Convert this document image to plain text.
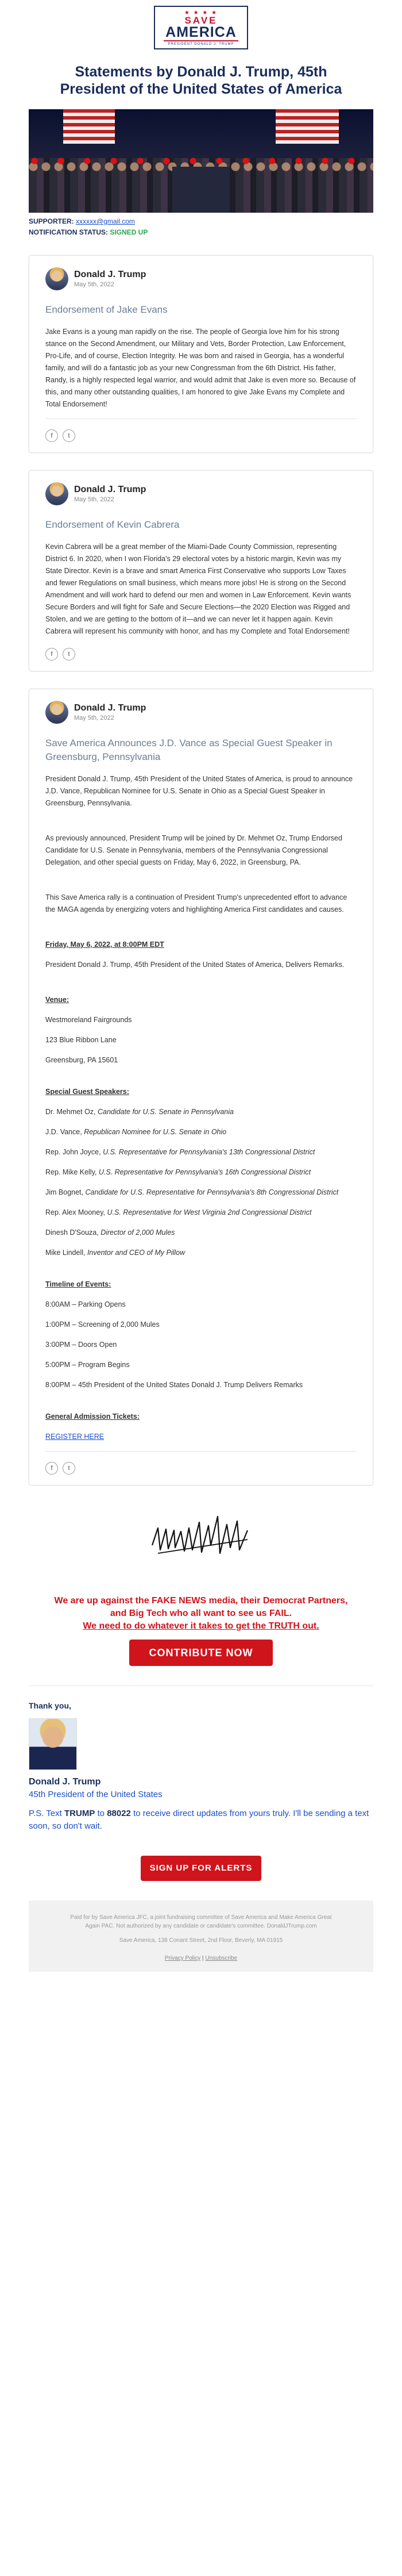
★ ★ ★ ★
SAVE
AMERICA
PRESIDENT DONALD J. TRUMP
Statements by Donald J. Trump, 45th President of the United States of America
SUPPORTER: xxxxxx@gmail.com
NOTIFICATION STATUS: SIGNED UP
Donald J. Trump
May 5th, 2022
Endorsement of Jake Evans

Jake Evans is a young man rapidly on the rise. The people of Georgia love him for his strong stance on the Second Amendment, our Military and Vets, Border Protection, Law Enforcement, Pro-Life, and of course, Election Integrity. He was born and raised in Georgia, has a wonderful family, and will do a fantastic job as your new Congressman from the 6th District. His father, Randy, is a highly respected legal warrior, and would admit that Jake is even more so. Because of this, and many other outstanding qualities, I am honored to give Jake Evans my Complete and Total Endorsement!

f	t
Donald J. Trump
May 5th, 2022
Endorsement of Kevin Cabrera

Kevin Cabrera will be a great member of the Miami-Dade County Commission, representing District 6. In 2020, when I won Florida's 29 electoral votes by a historic margin, Kevin was my State Director. Kevin is a brave and smart America First Conservative who supports Low Taxes and fewer Regulations on small business, which means more jobs! He is strong on the Second Amendment and will work hard to defend our men and women in Law Enforcement. Kevin wants Secure Borders and will fight for Safe and Secure Elections—the 2020 Election was Rigged and Stolen, and we are getting to the bottom of it—and we can never let it happen again. Kevin Cabrera will represent his community with honor, and has my Complete and Total Endorsement!

f	t
Donald J. Trump
May 5th, 2022
Save America Announces J.D. Vance as Special Guest Speaker in Greensburg, Pennsylvania

President Donald J. Trump, 45th President of the United States of America, is proud to announce J.D. Vance, Republican Nominee for U.S. Senate in Ohio as a Special Guest Speaker in Greensburg, Pennsylvania.

As previously announced, President Trump will be joined by Dr. Mehmet Oz, Trump Endorsed Candidate for U.S. Senate in Pennsylvania, members of the Pennsylvania Congressional Delegation, and other special guests on Friday, May 6, 2022, in Greensburg, PA.

This Save America rally is a continuation of President Trump's unprecedented effort to advance the MAGA agenda by energizing voters and highlighting America First candidates and causes.

Friday, May 6, 2022, at 8:00PM EDT

President Donald J. Trump, 45th President of the United States of America, Delivers Remarks.

Venue:

Westmoreland Fairgrounds
123 Blue Ribbon Lane
Greensburg, PA 15601

Special Guest Speakers:

Dr. Mehmet Oz, Candidate for U.S. Senate in Pennsylvania
J.D. Vance, Republican Nominee for U.S. Senate in Ohio
Rep. John Joyce, U.S. Representative for Pennsylvania's 13th Congressional District
Rep. Mike Kelly, U.S. Representative for Pennsylvania's 16th Congressional District
Jim Bognet, Candidate for U.S. Representative for Pennsylvania's 8th Congressional District
Rep. Alex Mooney, U.S. Representative for West Virginia 2nd Congressional District
Dinesh D'Souza, Director of 2,000 Mules
Mike Lindell, Inventor and CEO of My Pillow

Timeline of Events:

8:00AM – Parking Opens
1:00PM – Screening of 2,000 Mules
3:00PM – Doors Open
5:00PM – Program Begins
8:00PM – 45th President of the United States Donald J. Trump Delivers Remarks

General Admission Tickets:

REGISTER HERE
f	t
We are up against the FAKE NEWS media, their Democrat Partners, and Big Tech who all want to see us FAIL.
We need to do whatever it takes to get the TRUTH out.
CONTRIBUTE NOW
Thank you,
Donald J. Trump
45th President of the United States
P.S. Text TRUMP to 88022 to receive direct updates from yours truly. I'll be sending a text soon, so don't wait.
SIGN UP FOR ALERTS
Paid for by Save America JFC, a joint fundraising committee of Save America and Make America Great Again PAC. Not authorized by any candidate or candidate's committee. DonaldJTrump.com
Save America, 138 Conant Street, 2nd Floor, Beverly, MA 01915
Privacy Policy | Unsubscribe
